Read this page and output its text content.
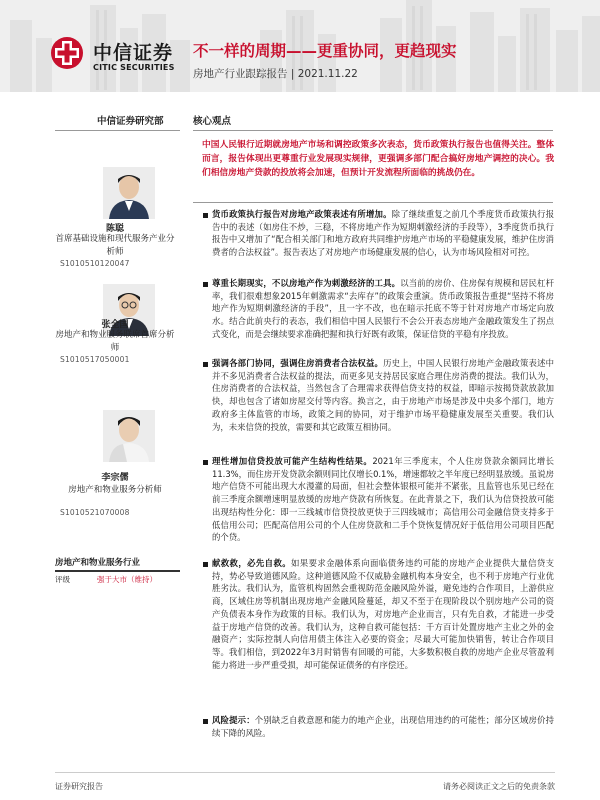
中信证券
CITIC SECURITIES
不一样的周期——更重协同，更趋现实
房地产行业跟踪报告 | 2021.11.22
中信证券研究部
陈聪
首席基础设施和现代服务产业分析师
S1010510120047
张全国
房地产和物业服务联席首席分析师
S1010517050001
李宗儒
房地产和物业服务分析师
S1010521070008
房地产和物业服务行业
评级	强于大市（维持）
核心观点
中国人民银行近期就房地产市场和调控政策多次表态，货币政策执行报告也值得关注。整体而言，报告体现出更尊重行业发展现实规律，更强调多部门配合搞好房地产调控的决心。我们相信房地产贷款的投放将会加速，但预计开发流程所面临的挑战仍在。
货币政策执行报告对房地产政策表述有所增加。除了继续重复之前几个季度货币政策执行报告中的表述（如房住不炒，三稳，不将房地产作为短期刺激经济的手段等），3季度货币执行报告中又增加了“配合相关部门和地方政府共同维护房地产市场的平稳健康发展，维护住房消费者的合法权益”。报告表达了对房地产市场健康发展的信心，认为市场风险相对可控。
尊重长期现实，不以房地产作为刺激经济的工具。以当前的房价、住房保有规模和居民杠杆率，我们很难想象2015年刺激需求“去库存”的政策会重演。货币政策报告重提“坚持不将房地产作为短期刺激经济的手段”，且一字不改，也在暗示托底不等于针对房地产市场定向放水。结合此前央行的表态，我们相信中国人民银行不会公开表态房地产金融政策发生了拐点式变化，而是会继续要求准确把握和执行好既有政策，保证信贷的平稳有序投放。
强调各部门协同，强调住房消费者合法权益。历史上，中国人民银行房地产金融政策表述中并不多见消费者合法权益的提法，而更多见支持居民家庭合理住房消费的提法。我们认为，住房消费者的合法权益，当然包含了合理需求获得信贷支持的权益，即暗示按揭贷款放款加快，却也包含了诸如房屋交付等内容。换言之，由于房地产市场是涉及中央多个部门，地方政府多主体监管的市场，政策之间的协同，对于维护市场平稳健康发展至关重要。我们认为，未来信贷的投放，需要和其它政策互相协同。
理性增加信贷投放可能产生结构性结果。2021年三季度末，个人住房贷款余额同比增长11.3%，而住房开发贷款余额则同比仅增长0.1%，增速都较之半年度已经明显放缓。虽说房地产信贷不可能出现大水漫灌的局面，但社会整体银根可能并不紧张，且监管也乐见已经在前三季度余额增速明显放缓的房地产贷款有所恢复。在此背景之下，我们认为信贷投放可能出现结构性分化：即一三线城市信贷投放更快于三四线城市；高信用公司金融信贷支持多于低信用公司；匹配高信用公司的个人住房贷款和二手个贷恢复情况好于低信用公司项目匹配的个贷。
献救救，必先自救。如果要求金融体系向面临债务违约可能的房地产企业提供大量信贷支持，势必导致道德风险。这种道德风险不仅威胁金融机构本身安全，也不利于房地产行业优胜劣汰。我们认为，监管机构固然会重视防范金融风险外溢，避免违约合作项目，上游供应商，区域住房等机制出现房地产金融风险蔓延，却又不至于在现阶段以个别房地产公司的资产负债表本身作为政策的目标。我们认为，对房地产企业而言，只有先自救，才能进一步受益于房地产信贷的改善。我们认为，这种自救可能包括：千方百计处置房地产主业之外的金融资产；实际控制人向信用债主体注入必要的资金；尽最大可能加快销售，转让合作项目等。我们相信，到2022年3月时销售有回暖的可能，大多数积极自救的房地产企业尽管盈利能力将进一步严重受损，却可能保证债务的有序偿还。
风险提示：个别缺乏自救意愿和能力的地产企业，出现信用违约的可能性；部分区域房价持续下降的风险。
证券研究报告	请务必阅读正文之后的免责条款
